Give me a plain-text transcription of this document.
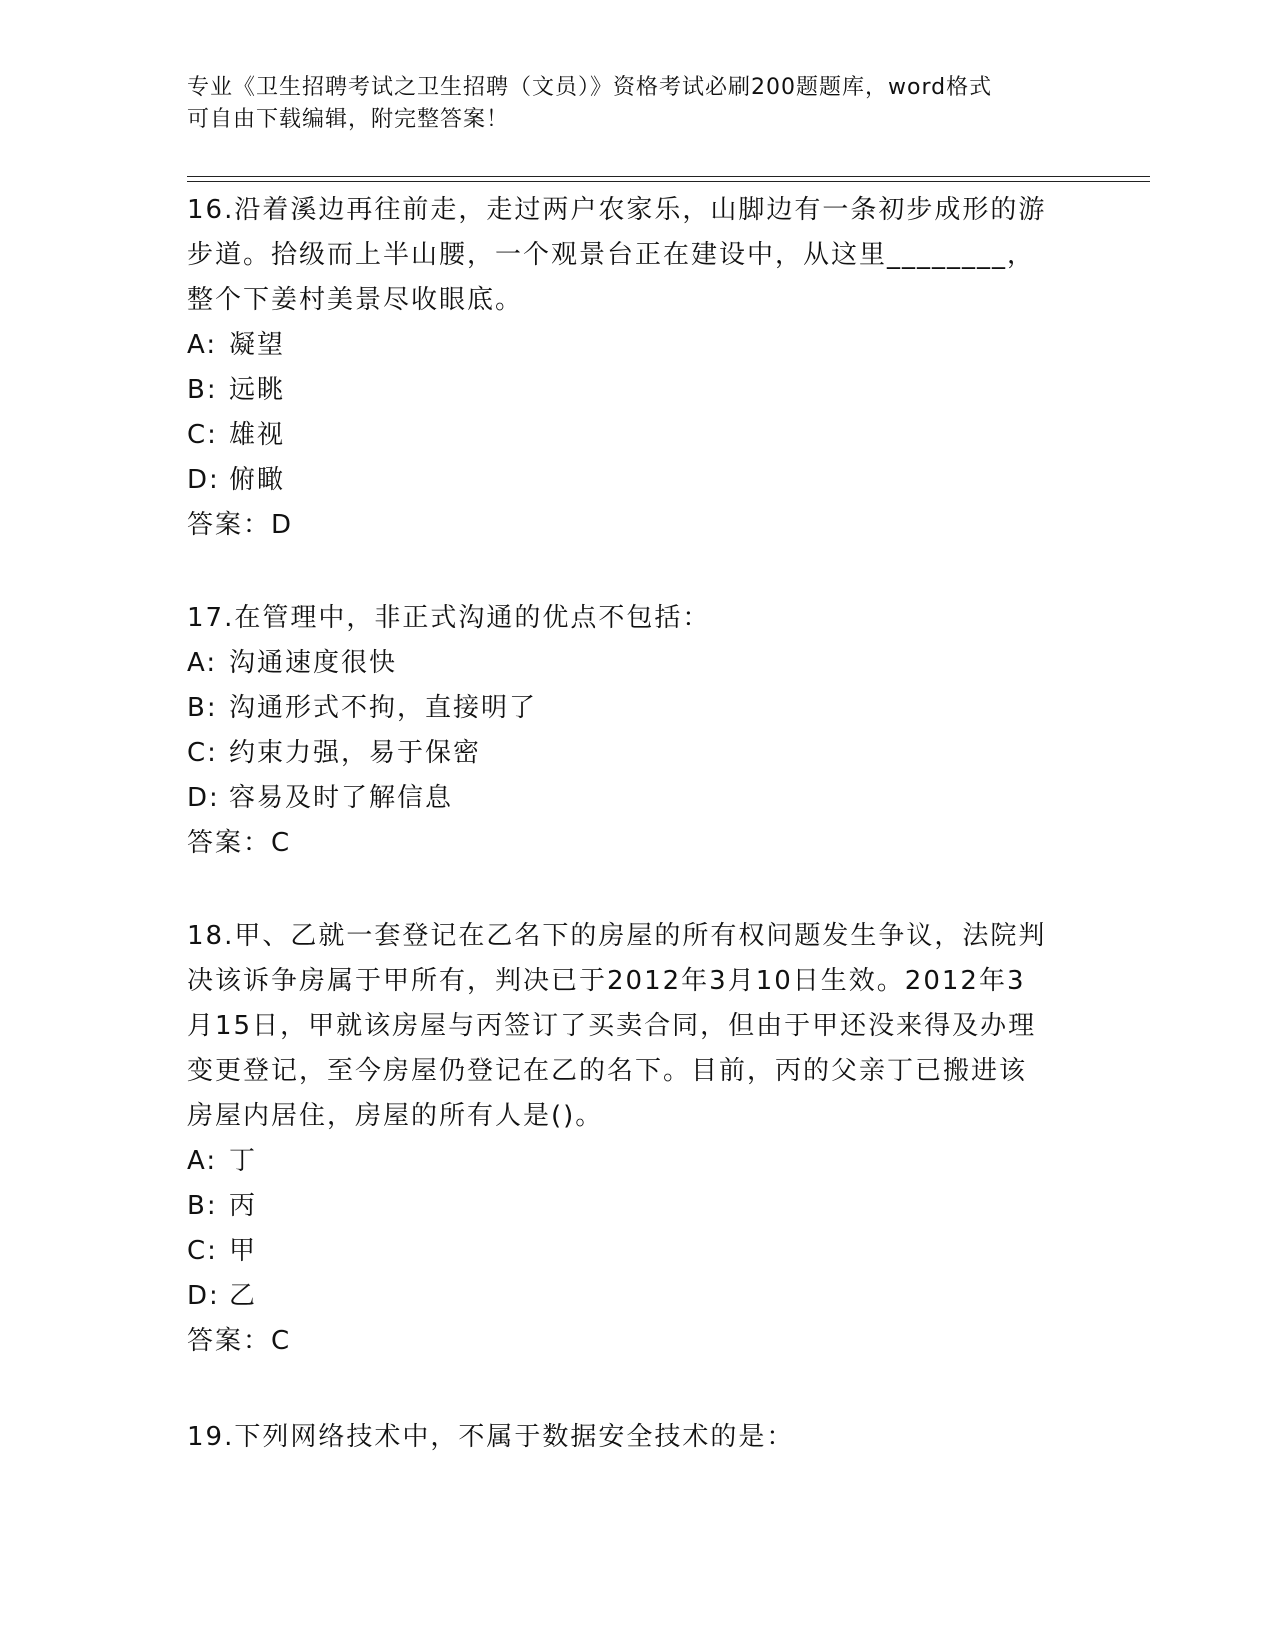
专业《卫生招聘考试之卫生招聘（文员）》资格考试必刷200题题库，word格式
可自由下载编辑，附完整答案！
16.沿着溪边再往前走，走过两户农家乐，山脚边有一条初步成形的游
步道。拾级而上半山腰，一个观景台正在建设中，从这里________，
整个下姜村美景尽收眼底。
A: 凝望
B: 远眺
C: 雄视
D: 俯瞰
答案：D
17.在管理中，非正式沟通的优点不包括：
A: 沟通速度很快
B: 沟通形式不拘，直接明了
C: 约束力强，易于保密
D: 容易及时了解信息
答案：C
18.甲、乙就一套登记在乙名下的房屋的所有权问题发生争议，法院判
决该诉争房属于甲所有，判决已于2012年3月10日生效。2012年3
月15日，甲就该房屋与丙签订了买卖合同，但由于甲还没来得及办理
变更登记，至今房屋仍登记在乙的名下。目前，丙的父亲丁已搬进该
房屋内居住，房屋的所有人是()。
A: 丁
B: 丙
C: 甲
D: 乙
答案：C
19.下列网络技术中，不属于数据安全技术的是：
